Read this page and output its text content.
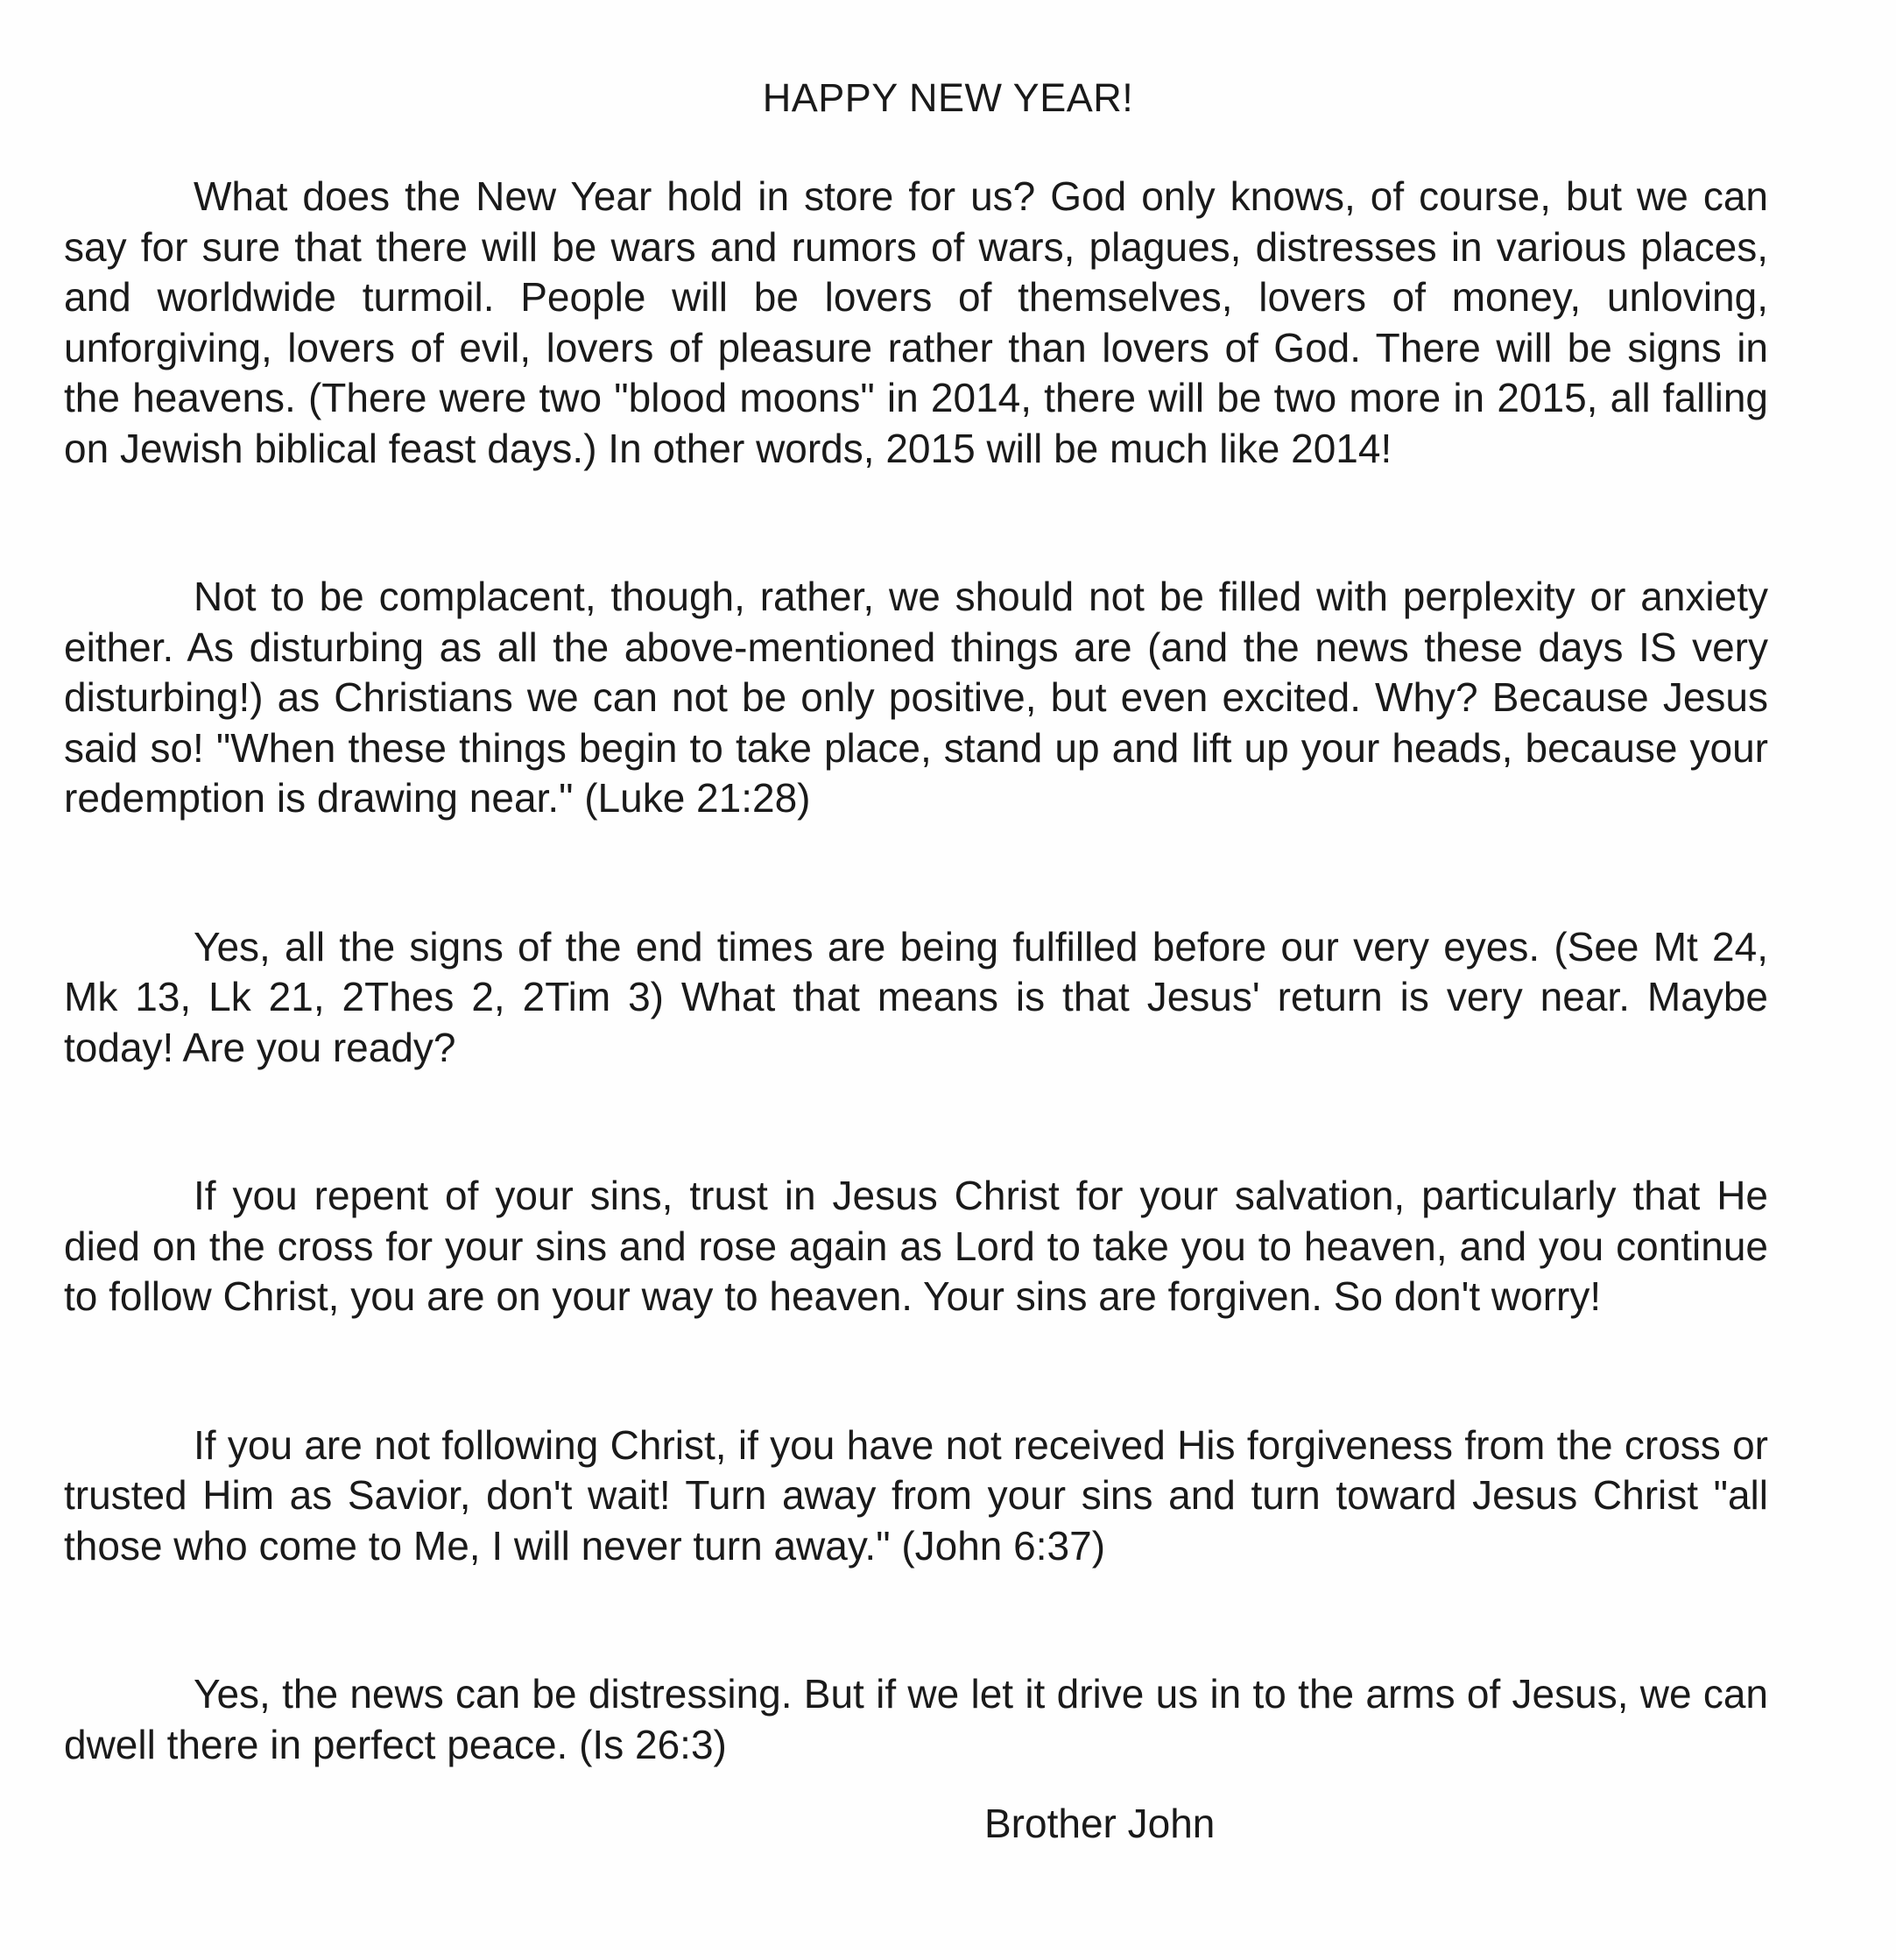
HAPPY NEW YEAR!

What does the New Year hold in store for us? God only knows, of course, but we can say for sure that there will be wars and rumors of wars, plagues, distresses in various places, and worldwide turmoil. People will be lovers of themselves, lovers of money, unloving, unforgiving, lovers of evil, lovers of pleasure rather than lovers of God. There will be signs in the heavens. (There were two "blood moons" in 2014, there will be two more in 2015, all falling on Jewish biblical feast days.) In other words, 2015 will be much like 2014!

Not to be complacent, though, rather, we should not be filled with perplexity or anxiety either. As disturbing as all the above-mentioned things are (and the news these days IS very disturbing!) as Christians we can not be only positive, but even excited. Why? Because Jesus said so! "When these things begin to take place, stand up and lift up your heads, because your redemption is drawing near." (Luke 21:28)

Yes, all the signs of the end times are being fulfilled before our very eyes. (See Mt 24, Mk 13, Lk 21, 2Thes 2, 2Tim 3) What that means is that Jesus' return is very near. Maybe today! Are you ready?

If you repent of your sins, trust in Jesus Christ for your salvation, particularly that He died on the cross for your sins and rose again as Lord to take you to heaven, and you continue to follow Christ, you are on your way to heaven. Your sins are forgiven. So don't worry!

If you are not following Christ, if you have not received His forgiveness from the cross or trusted Him as Savior, don't wait! Turn away from your sins and turn toward Jesus Christ "all those who come to Me, I will never turn away." (John 6:37)

Yes, the news can be distressing. But if we let it drive us in to the arms of Jesus, we can dwell there in perfect peace. (Is 26:3)

Brother John
